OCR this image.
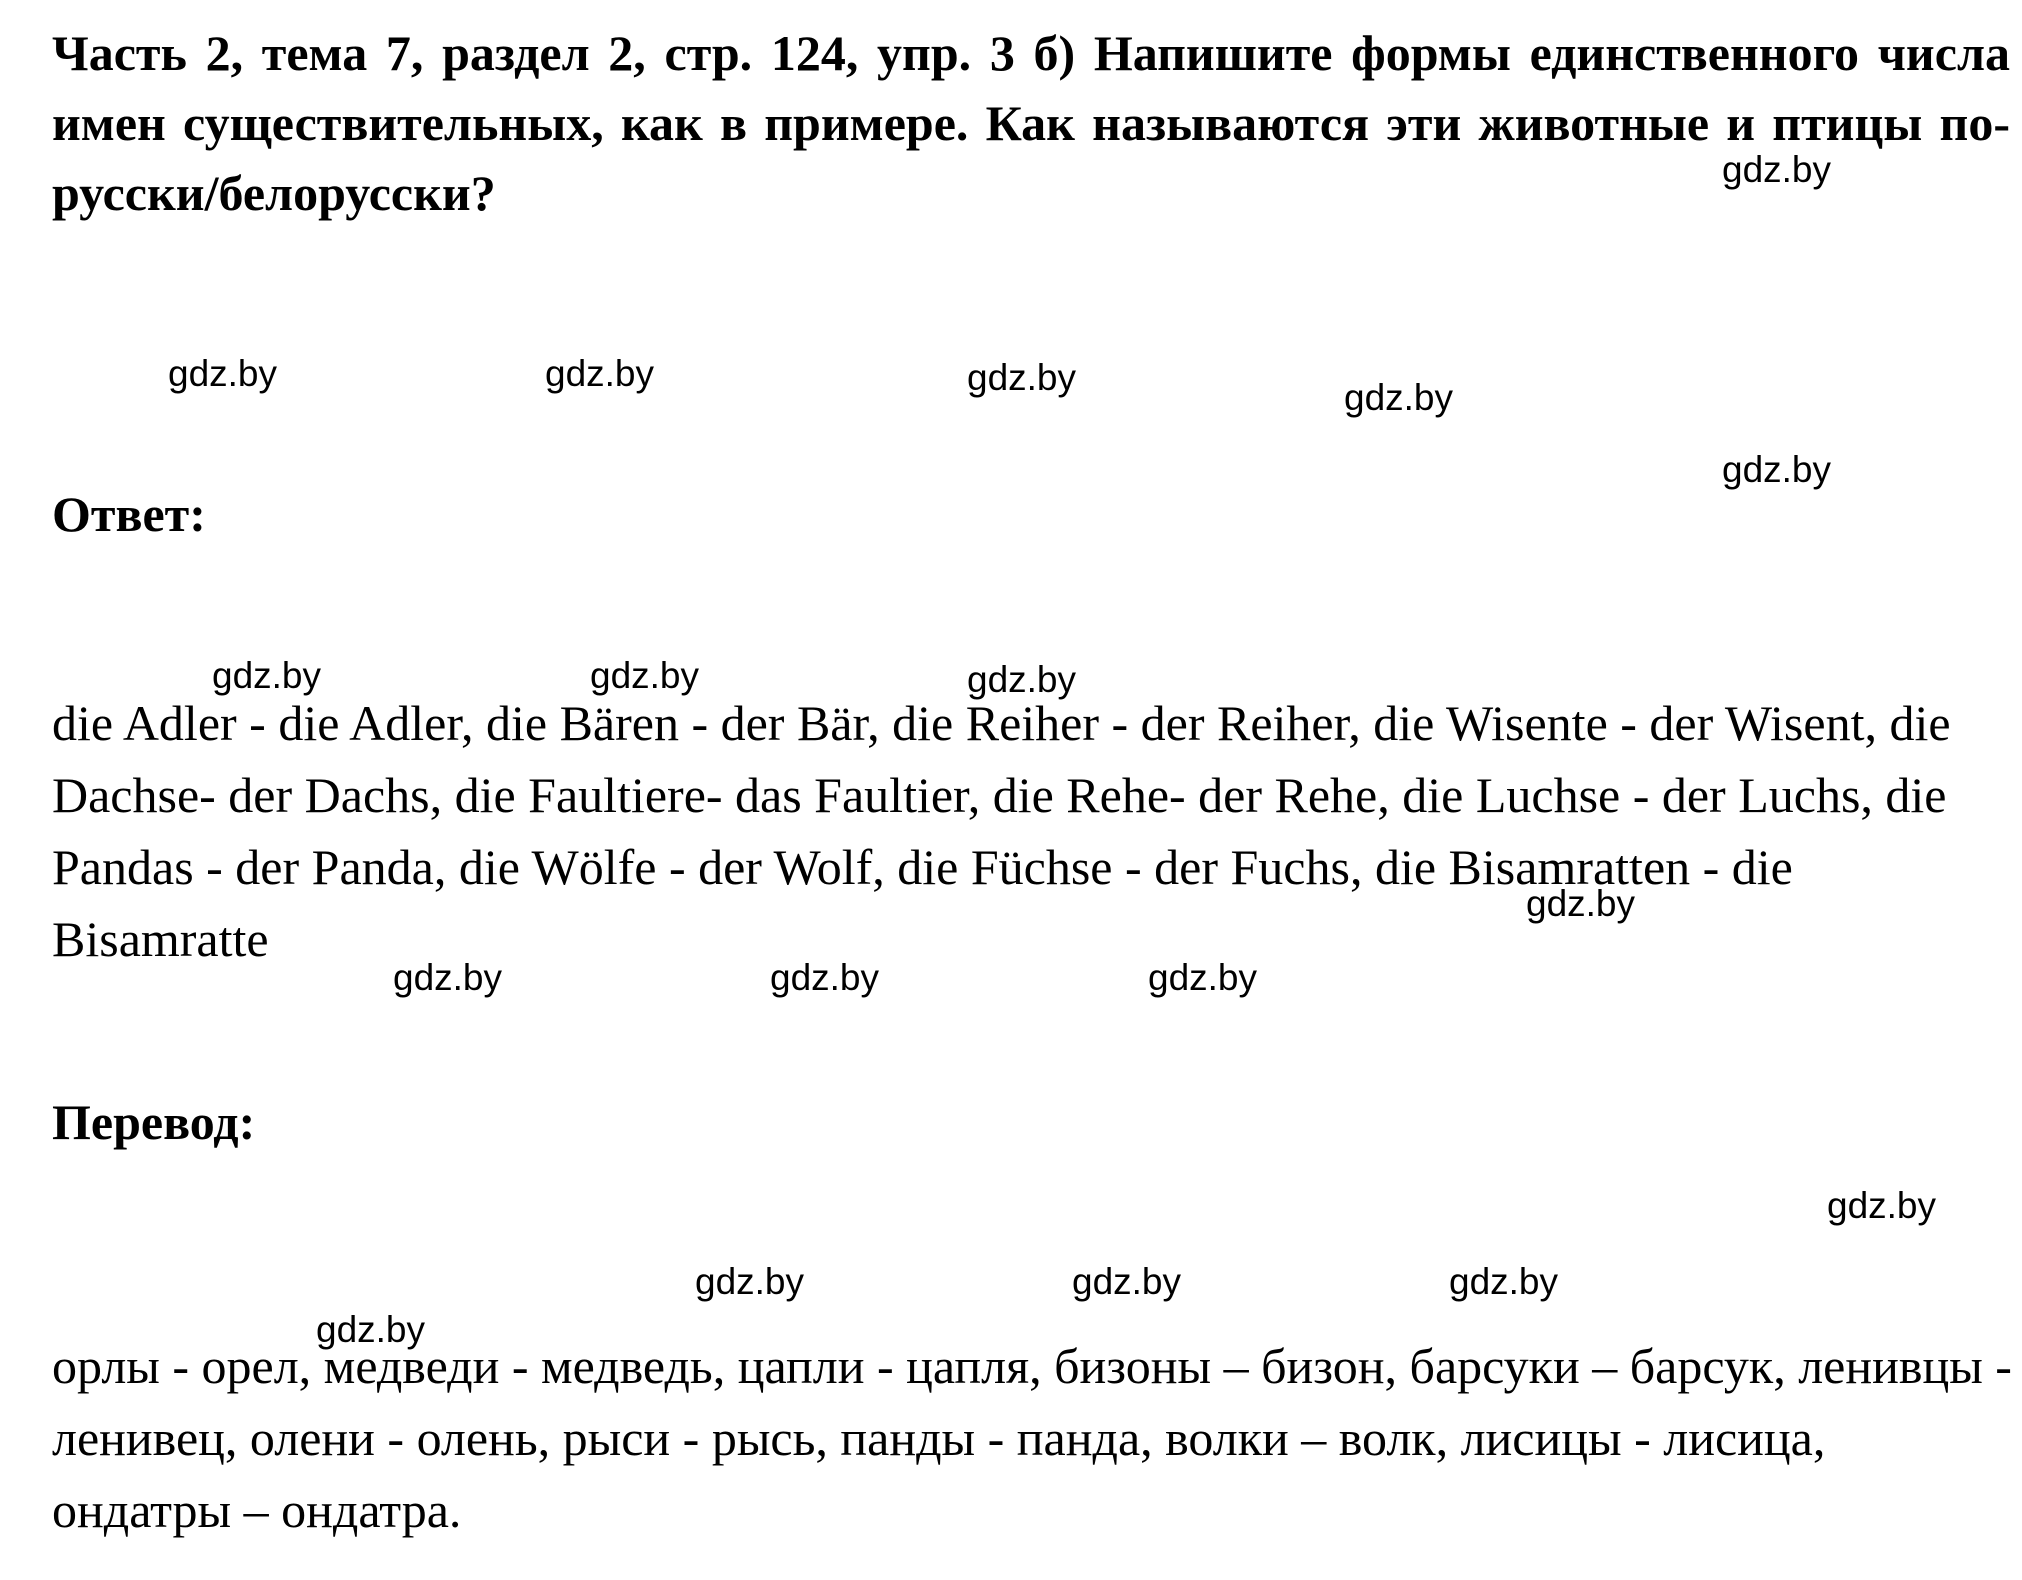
Часть 2, тема 7, раздел 2, стр. 124, упр. 3 б) Напишите формы единственного числа имен существительных, как в примере. Как называются эти животные и птицы по-русски/белорусски?

Ответ:

die Adler - die Adler, die Bären - der Bär, die Reiher - der Reiher, die Wisente - der Wisent, die Dachse- der Dachs, die Faultiere- das Faultier, die Rehe- der Rehe, die Luchse - der Luchs, die Pandas - der Panda, die Wölfe - der Wolf, die Füchse - der Fuchs, die Bisamratten - die Bisamratte

Перевод:

орлы - орел, медведи - медведь, цапли - цапля, бизоны – бизон, барсуки – барсук, ленивцы - ленивец, олени - олень, рыси - рысь, панды - панда, волки – волк, лисицы - лисица, ондатры – ондатра.

gdz.by
gdz.by	gdz.by	gdz.by	gdz.by
gdz.by
gdz.by	gdz.by	gdz.by
gdz.by
gdz.by	gdz.by	gdz.by
gdz.by
gdz.by	gdz.by	gdz.by
gdz.by
